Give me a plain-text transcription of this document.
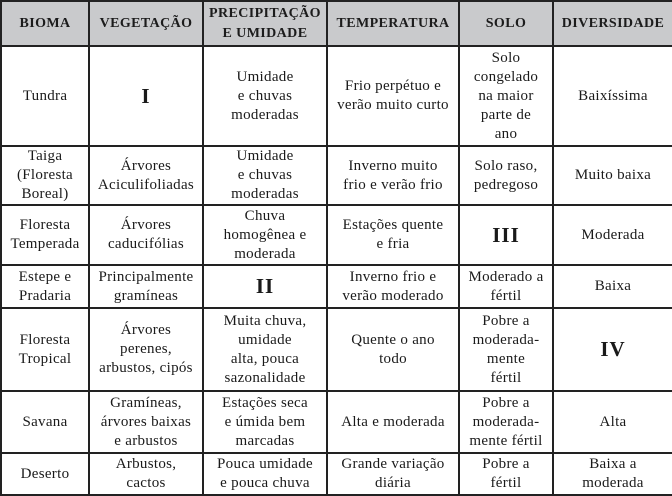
BIOMA	VEGETAÇÃO	PRECIPITAÇÃO
E UMIDADE	TEMPERATURA	SOLO	DIVERSIDADE

Tundra	I	Umidade
e chuvas
moderadas	Frio perpétuo e
verão muito curto	Solo
congelado
na maior
parte de
ano	Baixíssima

Taiga
(Floresta
Boreal)	Árvores
Aciculifoliadas	Umidade
e chuvas
moderadas	Inverno muito
frio e verão frio	Solo raso,
pedregoso	Muito baixa

Floresta
Temperada	Árvores
caducifólias	Chuva
homogênea e
moderada	Estações quente
e fria	III	Moderada

Estepe e
Pradaria	Principalmente
gramíneas	II	Inverno frio e
verão moderado	Moderado a
fértil	Baixa

Floresta
Tropical	Árvores
perenes,
arbustos, cipós	Muita chuva,
umidade
alta, pouca
sazonalidade	Quente o ano
todo	Pobre a
moderada-
mente
fértil	IV

Savana	Gramíneas,
árvores baixas
e arbustos	Estações seca
e úmida bem
marcadas	Alta e moderada	Pobre a
moderada-
mente fértil	Alta

Deserto	Arbustos,
cactos	Pouca umidade
e pouca chuva	Grande variação
diária	Pobre a
fértil	Baixa a
moderada
